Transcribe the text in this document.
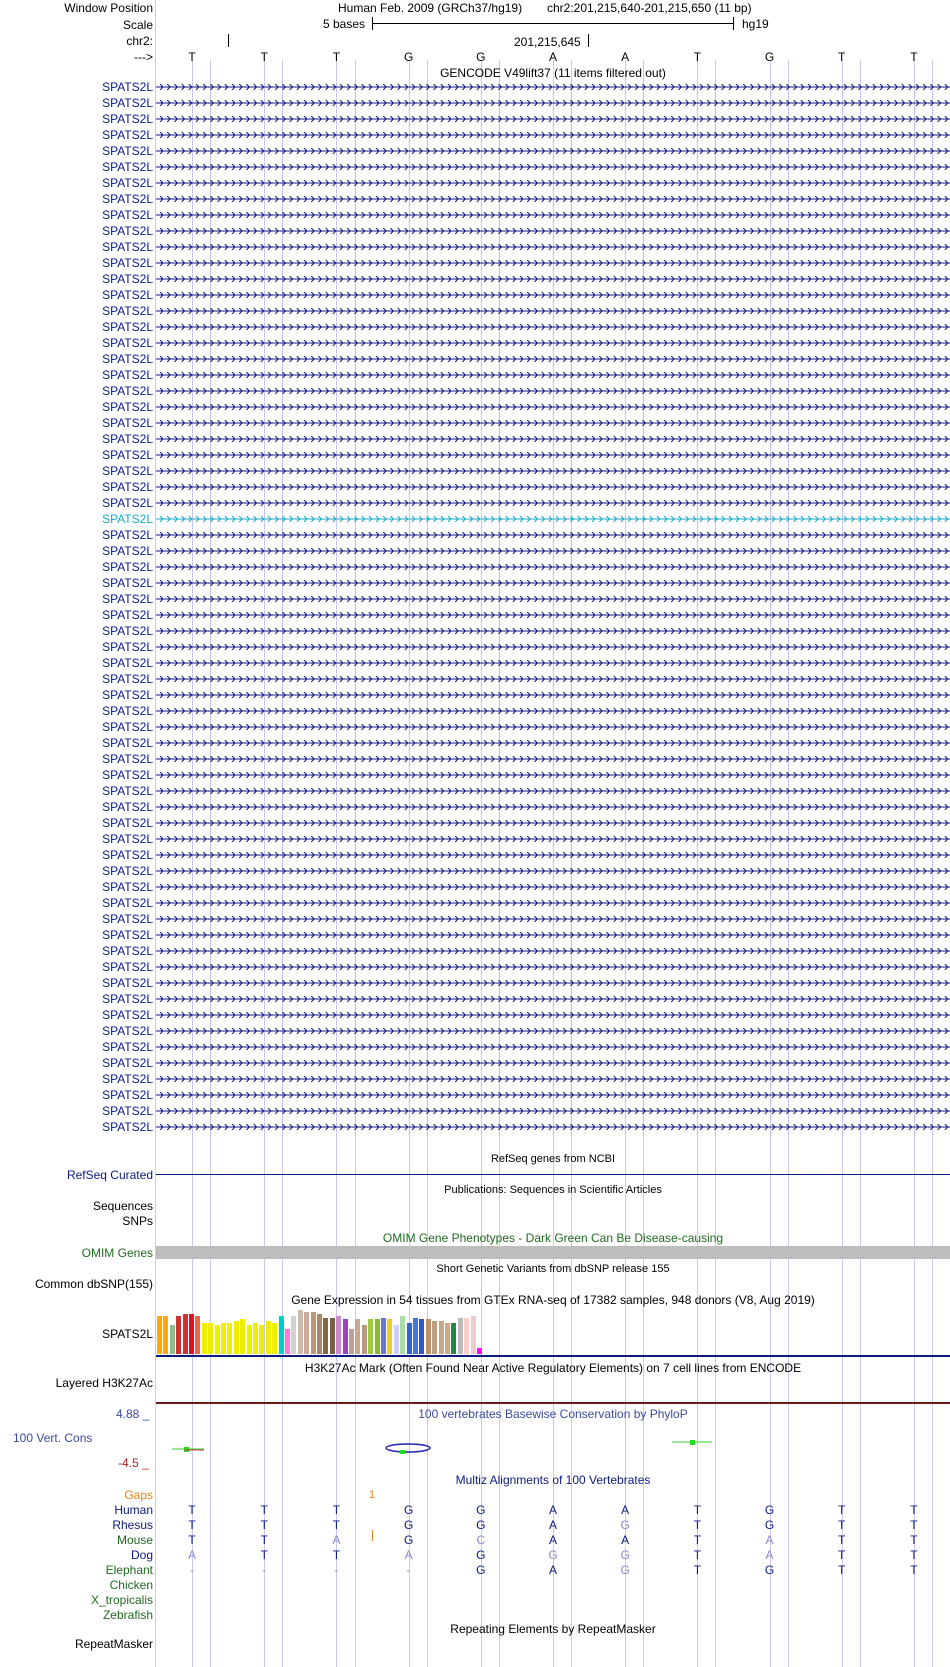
Window Position	Human Feb. 2009 (GRCh37/hg19) chr2:201,215,640-201,215,650 (11 bp)
Scale	5 bases	hg19
chr2:	201,215,645
--->	T	T	T	G	G	A	A	T	G	T	T
GENCODE V49lift37 (11 items filtered out)
SPATS2L
SPATS2L
SPATS2L
SPATS2L
SPATS2L
SPATS2L
SPATS2L
SPATS2L
SPATS2L
SPATS2L
SPATS2L
SPATS2L
SPATS2L
SPATS2L
SPATS2L
SPATS2L
SPATS2L
SPATS2L
SPATS2L
SPATS2L
SPATS2L
SPATS2L
SPATS2L
SPATS2L
SPATS2L
SPATS2L
SPATS2L
SPATS2L
SPATS2L
SPATS2L
SPATS2L
SPATS2L
SPATS2L
SPATS2L
SPATS2L
SPATS2L
SPATS2L
SPATS2L
SPATS2L
SPATS2L
SPATS2L
SPATS2L
SPATS2L
SPATS2L
SPATS2L
SPATS2L
SPATS2L
SPATS2L
SPATS2L
SPATS2L
SPATS2L
SPATS2L
SPATS2L
SPATS2L
SPATS2L
SPATS2L
SPATS2L
SPATS2L
SPATS2L
SPATS2L
SPATS2L
SPATS2L
SPATS2L
SPATS2L
SPATS2L
SPATS2L
RefSeq genes from NCBI
RefSeq Curated
Publications: Sequences in Scientific Articles
Sequences
SNPs
OMIM Gene Phenotypes - Dark Green Can Be Disease-causing
OMIM Genes
Short Genetic Variants from dbSNP release 155
Common dbSNP(155)
Gene Expression in 54 tissues from GTEx RNA-seq of 17382 samples, 948 donors (V8, Aug 2019)
SPATS2L
H3K27Ac Mark (Often Found Near Active Regulatory Elements) on 7 cell lines from ENCODE
Layered H3K27Ac
4.88 _	100 vertebrates Basewise Conservation by PhyloP
100 Vert. Cons
-4.5 _
Multiz Alignments of 100 Vertebrates
Gaps	1
Human	T	T	T	G	G	A	A	T	G	T	T
Rhesus	T	T	T	G	G	A	G	T	G	T	T
Mouse	T	T	A	G	C	A	A	T	A	T	T
Dog	A	T	T	A	G	G	G	T	A	T	T
Elephant	-	-	-	-	G	A	G	T	G	T	T
Chicken
X_tropicalis
Zebrafish
Repeating Elements by RepeatMasker
RepeatMasker
